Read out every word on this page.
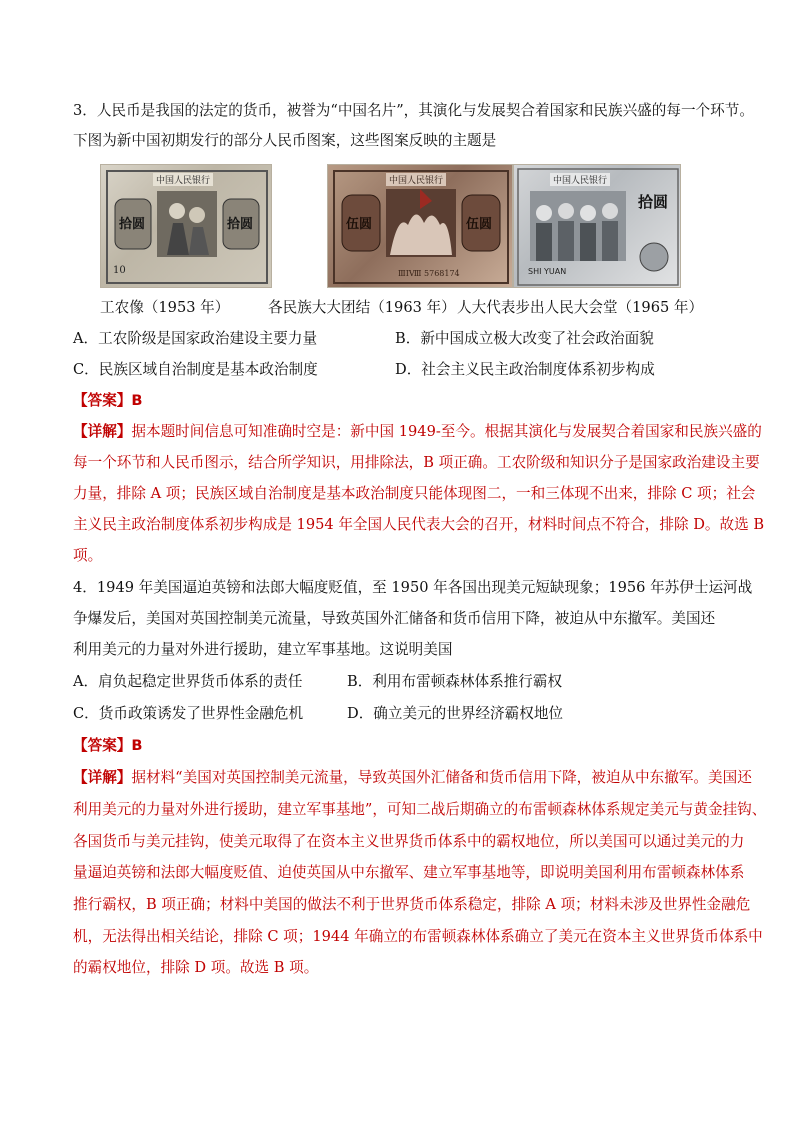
3．人民币是我国的法定的货币，被誉为“中国名片”，其演化与发展契合着国家和民族兴盛的每一个环节。
下图为新中国初期发行的部分人民币图案，这些图案反映的主题是
中国人民银行
拾圆	拾圆
10
中国人民银行
伍圆	伍圆
ⅢⅠⅧ 5768174
中国人民银行
拾圆
SHI YUAN
工农像（1953 年）	各民族大大团结（1963 年） 人大代表步出人民大会堂（1965 年）
A．工农阶级是国家政治建设主要力量	B．新中国成立极大改变了社会政治面貌
C．民族区域自治制度是基本政治制度	D．社会主义民主政治制度体系初步构成
【答案】B
【详解】据本题时间信息可知准确时空是：新中国 1949-至今。根据其演化与发展契合着国家和民族兴盛的
每一个环节和人民币图示，结合所学知识，用排除法，B 项正确。工农阶级和知识分子是国家政治建设主要
力量，排除 A 项；民族区域自治制度是基本政治制度只能体现图二，一和三体现不出来，排除 C 项；社会
主义民主政治制度体系初步构成是 1954 年全国人民代表大会的召开，材料时间点不符合，排除 D。故选 B
项。
4．1949 年美国逼迫英镑和法郎大幅度贬值，至 1950 年各国出现美元短缺现象；1956 年苏伊士运河战
争爆发后，美国对英国控制美元流量，导致英国外汇储备和货币信用下降，被迫从中东撤军。美国还
利用美元的力量对外进行援助，建立军事基地。这说明美国
A．肩负起稳定世界货币体系的责任	B．利用布雷顿森林体系推行霸权
C．货币政策诱发了世界性金融危机	D．确立美元的世界经济霸权地位
【答案】B
【详解】据材料“美国对英国控制美元流量，导致英国外汇储备和货币信用下降，被迫从中东撤军。美国还
利用美元的力量对外进行援助，建立军事基地”，可知二战后期确立的布雷顿森林体系规定美元与黄金挂钩、
各国货币与美元挂钩，使美元取得了在资本主义世界货币体系中的霸权地位，所以美国可以通过美元的力
量逼迫英镑和法郎大幅度贬值、迫使英国从中东撤军、建立军事基地等，即说明美国利用布雷顿森林体系
推行霸权，B 项正确；材料中美国的做法不利于世界货币体系稳定，排除 A 项；材料未涉及世界性金融危
机，无法得出相关结论，排除 C 项；1944 年确立的布雷顿森林体系确立了美元在资本主义世界货币体系中
的霸权地位，排除 D 项。故选 B 项。
